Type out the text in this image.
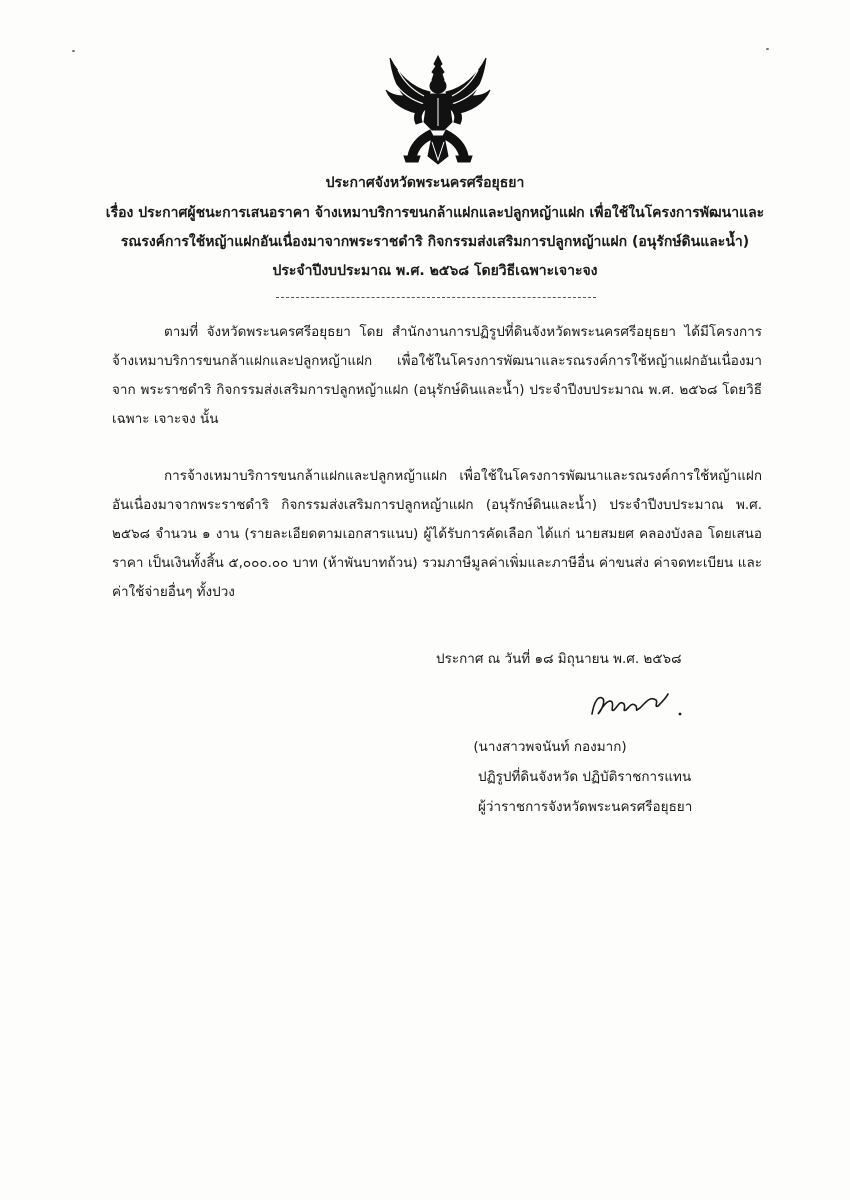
ประกาศจังหวัดพระนครศรีอยุธยา
เรื่อง ประกาศผู้ชนะการเสนอราคา จ้างเหมาบริการขนกล้าแฝกและปลูกหญ้าแฝก เพื่อใช้ในโครงการพัฒนาและรณรงค์การใช้หญ้าแฝกอันเนื่องมาจากพระราชดำริ กิจกรรมส่งเสริมการปลูกหญ้าแฝก (อนุรักษ์ดินและน้ำ) ประจำปีงบประมาณ พ.ศ. ๒๕๖๘ โดยวิธีเฉพาะเจาะจง
ตามที่ จังหวัดพระนครศรีอยุธยา โดย สำนักงานการปฏิรูปที่ดินจังหวัดพระนครศรีอยุธยา ได้มีโครงการ จ้างเหมาบริการขนกล้าแฝกและปลูกหญ้าแฝก เพื่อใช้ในโครงการพัฒนาและรณรงค์การใช้หญ้าแฝกอันเนื่องมาจาก พระราชดำริ กิจกรรมส่งเสริมการปลูกหญ้าแฝก (อนุรักษ์ดินและน้ำ) ประจำปีงบประมาณ พ.ศ. ๒๕๖๘ โดยวิธีเฉพาะ เจาะจง นั้น
การจ้างเหมาบริการขนกล้าแฝกและปลูกหญ้าแฝก เพื่อใช้ในโครงการพัฒนาและรณรงค์การใช้หญ้าแฝก อันเนื่องมาจากพระราชดำริ กิจกรรมส่งเสริมการปลูกหญ้าแฝก (อนุรักษ์ดินและน้ำ) ประจำปีงบประมาณ พ.ศ. ๒๕๖๘ จำนวน ๑ งาน (รายละเอียดตามเอกสารแนบ) ผู้ได้รับการคัดเลือก ได้แก่ นายสมยศ คลองบังลอ โดยเสนอ ราคา เป็นเงินทั้งสิ้น ๕,๐๐๐.๐๐ บาท (ห้าพันบาทถ้วน) รวมภาษีมูลค่าเพิ่มและภาษีอื่น ค่าขนส่ง ค่าจดทะเบียน และค่าใช้จ่ายอื่นๆ ทั้งปวง
ประกาศ ณ วันที่ ๑๘ มิถุนายน พ.ศ. ๒๕๖๘
(นางสาวพจนันท์ กองมาก)
ปฏิรูปที่ดินจังหวัด ปฏิบัติราชการแทน
ผู้ว่าราชการจังหวัดพระนครศรีอยุธยา
